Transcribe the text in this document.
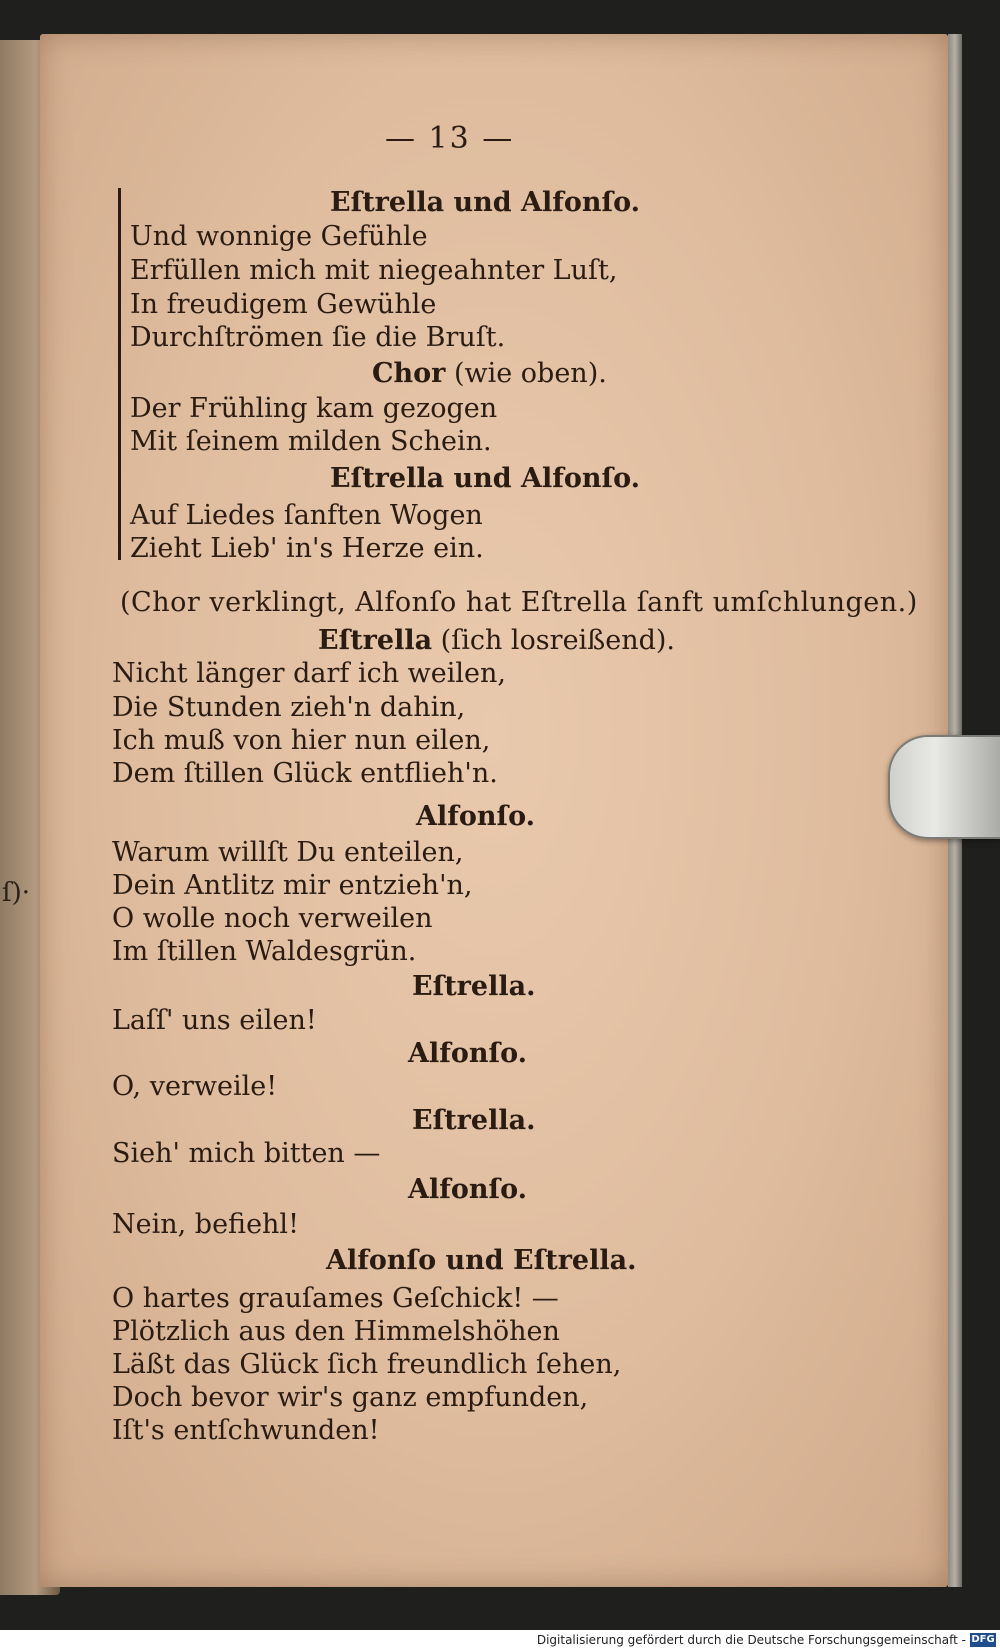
ſ)·
— 13 —
Eſtrella und Alfonſo.
Und wonnige Gefühle
Erfüllen mich mit niegeahnter Luſt,
In freudigem Gewühle
Durchſtrömen ſie die Bruſt.
Chor (wie oben).
Der Frühling kam gezogen
Mit ſeinem milden Schein.
Eſtrella und Alfonſo.
Auf Liedes ſanften Wogen
Zieht Lieb' in's Herze ein.
(Chor verklingt, Alfonſo hat Eſtrella ſanft umſchlungen.)
Eſtrella (ſich losreißend).
Nicht länger darf ich weilen,
Die Stunden zieh'n dahin,
Ich muß von hier nun eilen,
Dem ſtillen Glück entflieh'n.
Alfonſo.
Warum willſt Du enteilen,
Dein Antlitz mir entzieh'n,
O wolle noch verweilen
Im ſtillen Waldesgrün.
Eſtrella.
Laſſ' uns eilen!
Alfonſo.
O, verweile!
Eſtrella.
Sieh' mich bitten —
Alfonſo.
Nein, befiehl!
Alfonſo und Eſtrella.
O hartes grauſames Geſchick! —
Plötzlich aus den Himmelshöhen
Läßt das Glück ſich freundlich ſehen,
Doch bevor wir's ganz empfunden,
Iſt's entſchwunden!
Digitalisierung gefördert durch die Deutsche Forschungsgemeinschaft - DFG
